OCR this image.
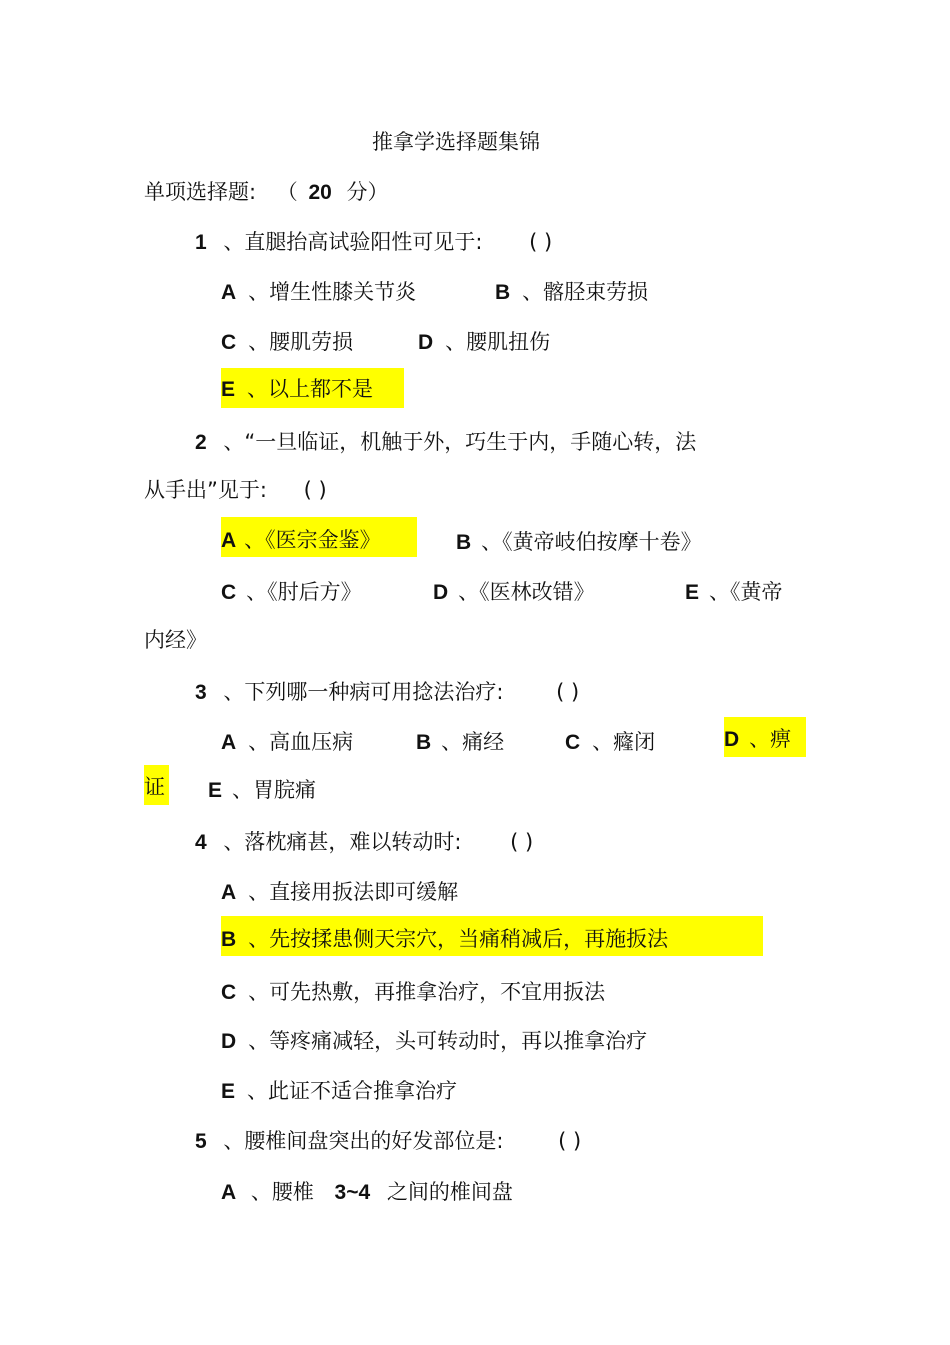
推拿学选择题集锦
单项选择题: （ 20 分）
1 、直腿抬高试验阳性可见于: ( )
A 、增生性膝关节炎	B 、髂胫束劳损
C 、腰肌劳损	D 、腰肌扭伤
E 、以上都不是
2 、“一旦临证，机触于外，巧生于内，手随心转，法
从手出”见于: ( )
A 、《医宗金鉴》	B 、《黄帝岐伯按摩十卷》
C 、《肘后方》	D 、《医林改错》	E 、《黄帝
内经》
3 、下列哪一种病可用捻法治疗:	( )
A 、高血压病	B 、痛经	C 、癃闭	D 、痹
证 E 、胃脘痛
4 、落枕痛甚，难以转动时: ( )
A 、直接用扳法即可缓解
B 、先按揉患侧天宗穴，当痛稍减后，再施扳法
C 、可先热敷，再推拿治疗，不宜用扳法
D 、等疼痛减轻，头可转动时，再以推拿治疗
E 、此证不适合推拿治疗
5 、腰椎间盘突出的好发部位是:	( )
A 、腰椎 3~4 之间的椎间盘
